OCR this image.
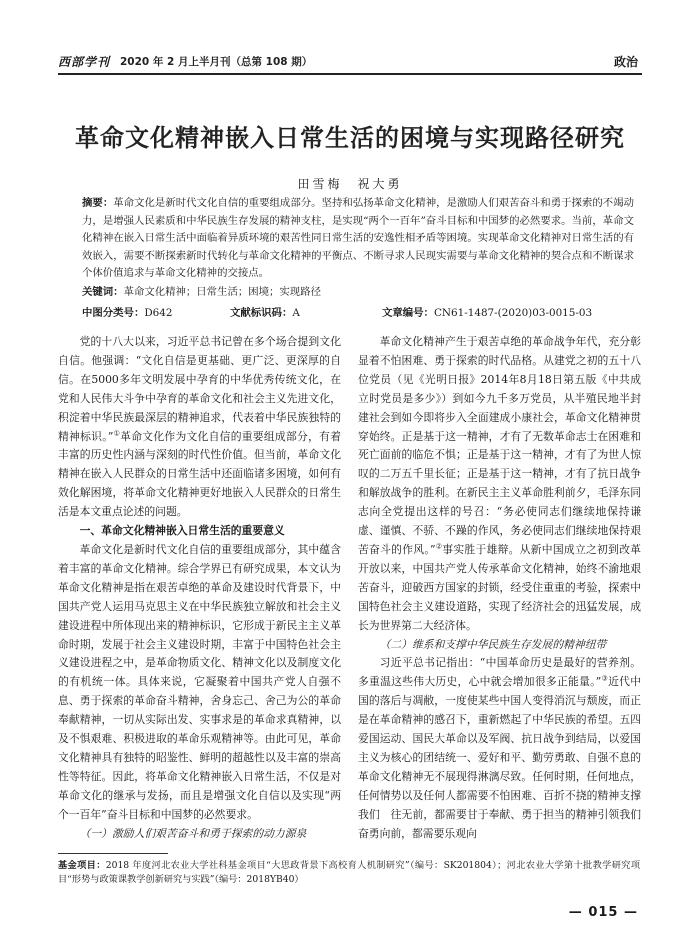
西部学刊 2020 年 2 月上半月刊（总第 108 期）	政治
革命文化精神嵌入日常生活的困境与实现路径研究
田雪梅　祝大勇
摘要：革命文化是新时代文化自信的重要组成部分。坚持和弘扬革命文化精神，是激励人们艰苦奋斗和勇于探索的不竭动力，是增强人民素质和中华民族生存发展的精神支柱，是实现“两个一百年”奋斗目标和中国梦的必然要求。当前，革命文化精神在嵌入日常生活中面临着异质环境的艰苦性同日常生活的安逸性相矛盾等困境。实现革命文化精神对日常生活的有效嵌入，需要不断探索新时代转化与革命文化精神的平衡点、不断寻求人民现实需要与革命文化精神的契合点和不断谋求个体价值追求与革命文化精神的交接点。
关键词：革命文化精神；日常生活；困境；实现路径
中图分类号：D642	文献标识码：A	文章编号：CN61-1487-(2020)03-0015-03

党的十八大以来，习近平总书记曾在多个场合提到文化自信。他强调：“文化自信是更基础、更广泛、更深厚的自信。在5000多年文明发展中孕育的中华优秀传统文化，在党和人民伟大斗争中孕育的革命文化和社会主义先进文化，积淀着中华民族最深层的精神追求，代表着中华民族独特的精神标识。”①革命文化作为文化自信的重要组成部分，有着丰富的历史性内涵与深刻的时代性价值。但当前，革命文化精神在嵌入人民群众的日常生活中还面临诸多困境，如何有效化解困境，将革命文化精神更好地嵌入人民群众的日常生活是本文重点论述的问题。

一、革命文化精神嵌入日常生活的重要意义

革命文化是新时代文化自信的重要组成部分，其中蕴含着丰富的革命文化精神。综合学界已有研究成果，本文认为革命文化精神是指在艰苦卓绝的革命及建设时代背景下，中国共产党人运用马克思主义在中华民族独立解放和社会主义建设进程中所体现出来的精神标识，它形成于新民主主义革命时期，发展于社会主义建设时期，丰富于中国特色社会主义建设进程之中，是革命物质文化、精神文化以及制度文化的有机统一体。具体来说，它凝聚着中国共产党人自强不息、勇于探索的革命奋斗精神，舍身忘己、舍己为公的革命奉献精神，一切从实际出发、实事求是的革命求真精神，以及不惧艰难、积极进取的革命乐观精神等。由此可见，革命文化精神具有独特的昭鉴性、鲜明的超越性以及丰富的崇高性等特征。因此，将革命文化精神嵌入日常生活，不仅是对革命文化的继承与发扬，而且是增强文化自信以及实现“两个一百年”奋斗目标和中国梦的必然要求。

（一）激励人们艰苦奋斗和勇于探索的动力源泉

革命文化精神产生于艰苦卓绝的革命战争年代，充分彰显着不怕困难、勇于探索的时代品格。从建党之初的五十八位党员（见《光明日报》2014年8月18日第五版《中共成立时党员是多少》）到如今九千多万党员，从半殖民地半封建社会到如今即将步入全面建成小康社会，革命文化精神贯穿始终。正是基于这一精神，才有了无数革命志士在困难和死亡面前的临危不惧；正是基于这一精神，才有了为世人惊叹的二万五千里长征；正是基于这一精神，才有了抗日战争和解放战争的胜利。在新民主主义革命胜利前夕，毛泽东同志向全党提出这样的号召：“务必使同志们继续地保持谦虚、谨慎、不骄、不躁的作风，务必使同志们继续地保持艰苦奋斗的作风。”②事实胜于雄辩。从新中国成立之初到改革开放以来，中国共产党人传承革命文化精神，始终不渝地艰苦奋斗，迎破西方国家的封锁，经受住重重的考验，探索中国特色社会主义建设道路，实现了经济社会的迅猛发展，成长为世界第二大经济体。

（二）维系和支撑中华民族生存发展的精神纽带

习近平总书记指出：“中国革命历史是最好的营养剂。多重温这些伟大历史，心中就会增加很多正能量。”③近代中国的落后与凋敝，一度使某些中国人变得消沉与颓废，而正是在革命精神的感召下，重新燃起了中华民族的希望。五四爱国运动、国民大革命以及军阀、抗日战争到结局，以爱国主义为核心的团结统一、爱好和平、勤劳勇敢、自强不息的革命文化精神无不展现得淋漓尽致。任何时期，任何地点，任何情势以及任何人都需要不怕困难、百折不挠的精神支撑我们　往无前，都需要甘于奉献、勇于担当的精神引领我们奋勇向前，都需要乐观向

基金项目：2018 年度河北农业大学社科基金项目“大思政背景下高校育人机制研究”（编号：SK201804）；河北农业大学第十批教学研究项目“形势与政策课教学创新研究与实践”（编号：2018YB40）
— 015 —
